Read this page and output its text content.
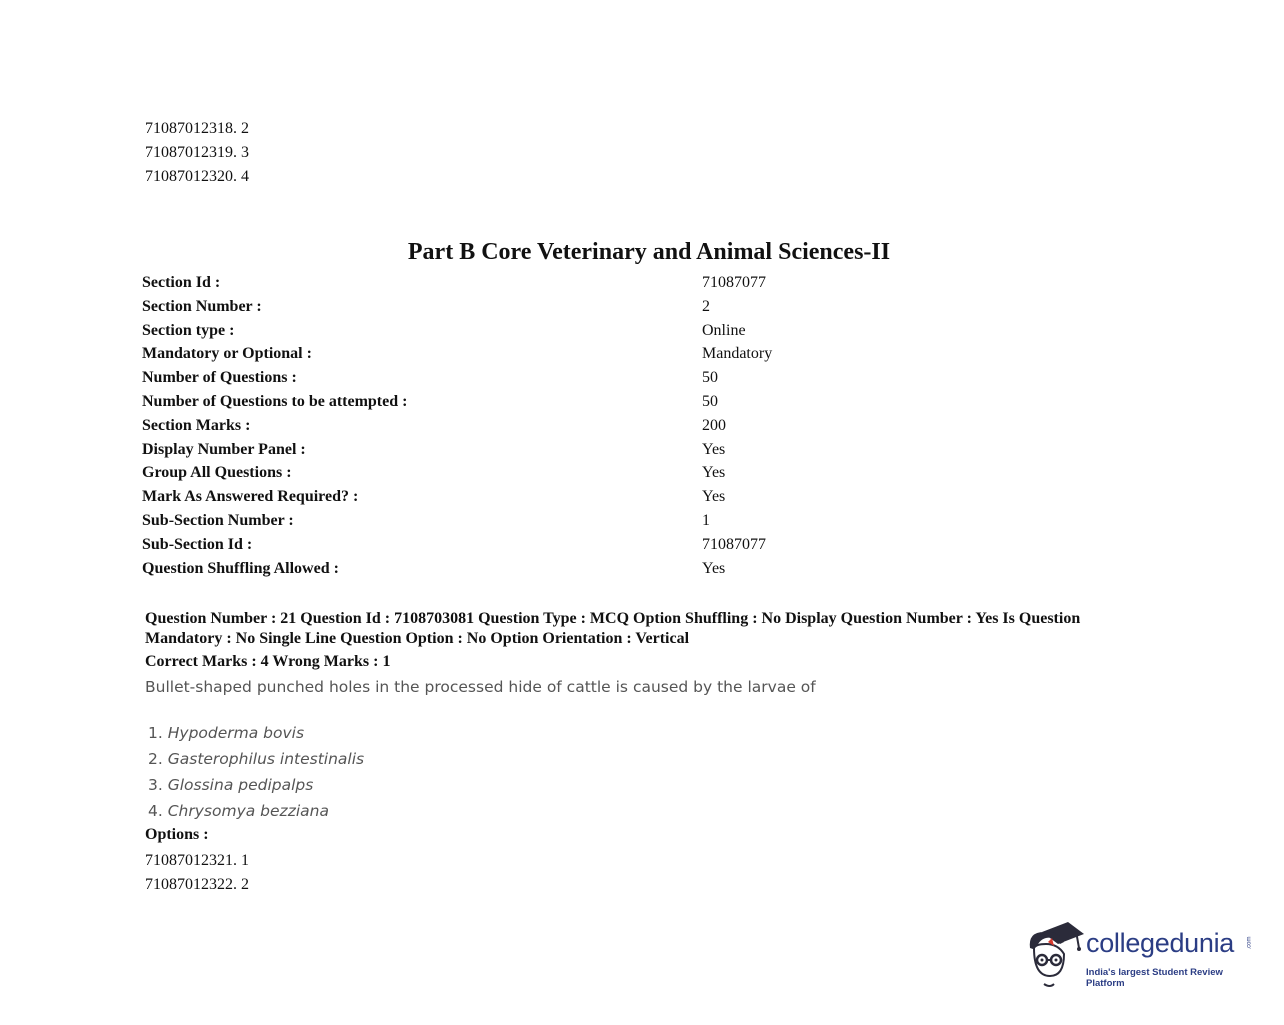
71087012318. 2
71087012319. 3
71087012320. 4
Part B Core Veterinary and Animal Sciences-II
Section Id :	71087077
Section Number :	2
Section type :	Online
Mandatory or Optional :	Mandatory
Number of Questions :	50
Number of Questions to be attempted :	50
Section Marks :	200
Display Number Panel :	Yes
Group All Questions :	Yes
Mark As Answered Required? :	Yes
Sub-Section Number :	1
Sub-Section Id :	71087077
Question Shuffling Allowed :	Yes
Question Number : 21 Question Id : 7108703081 Question Type : MCQ Option Shuffling : No Display Question Number : Yes Is Question Mandatory : No Single Line Question Option : No Option Orientation : Vertical
Correct Marks : 4 Wrong Marks : 1
Bullet-shaped punched holes in the processed hide of cattle is caused by the larvae of
1. Hypoderma bovis
2. Gasterophilus intestinalis
3. Glossina pedipalps
4. Chrysomya bezziana
Options :
71087012321. 1
71087012322. 2
collegedunia .com
India's largest Student Review Platform
